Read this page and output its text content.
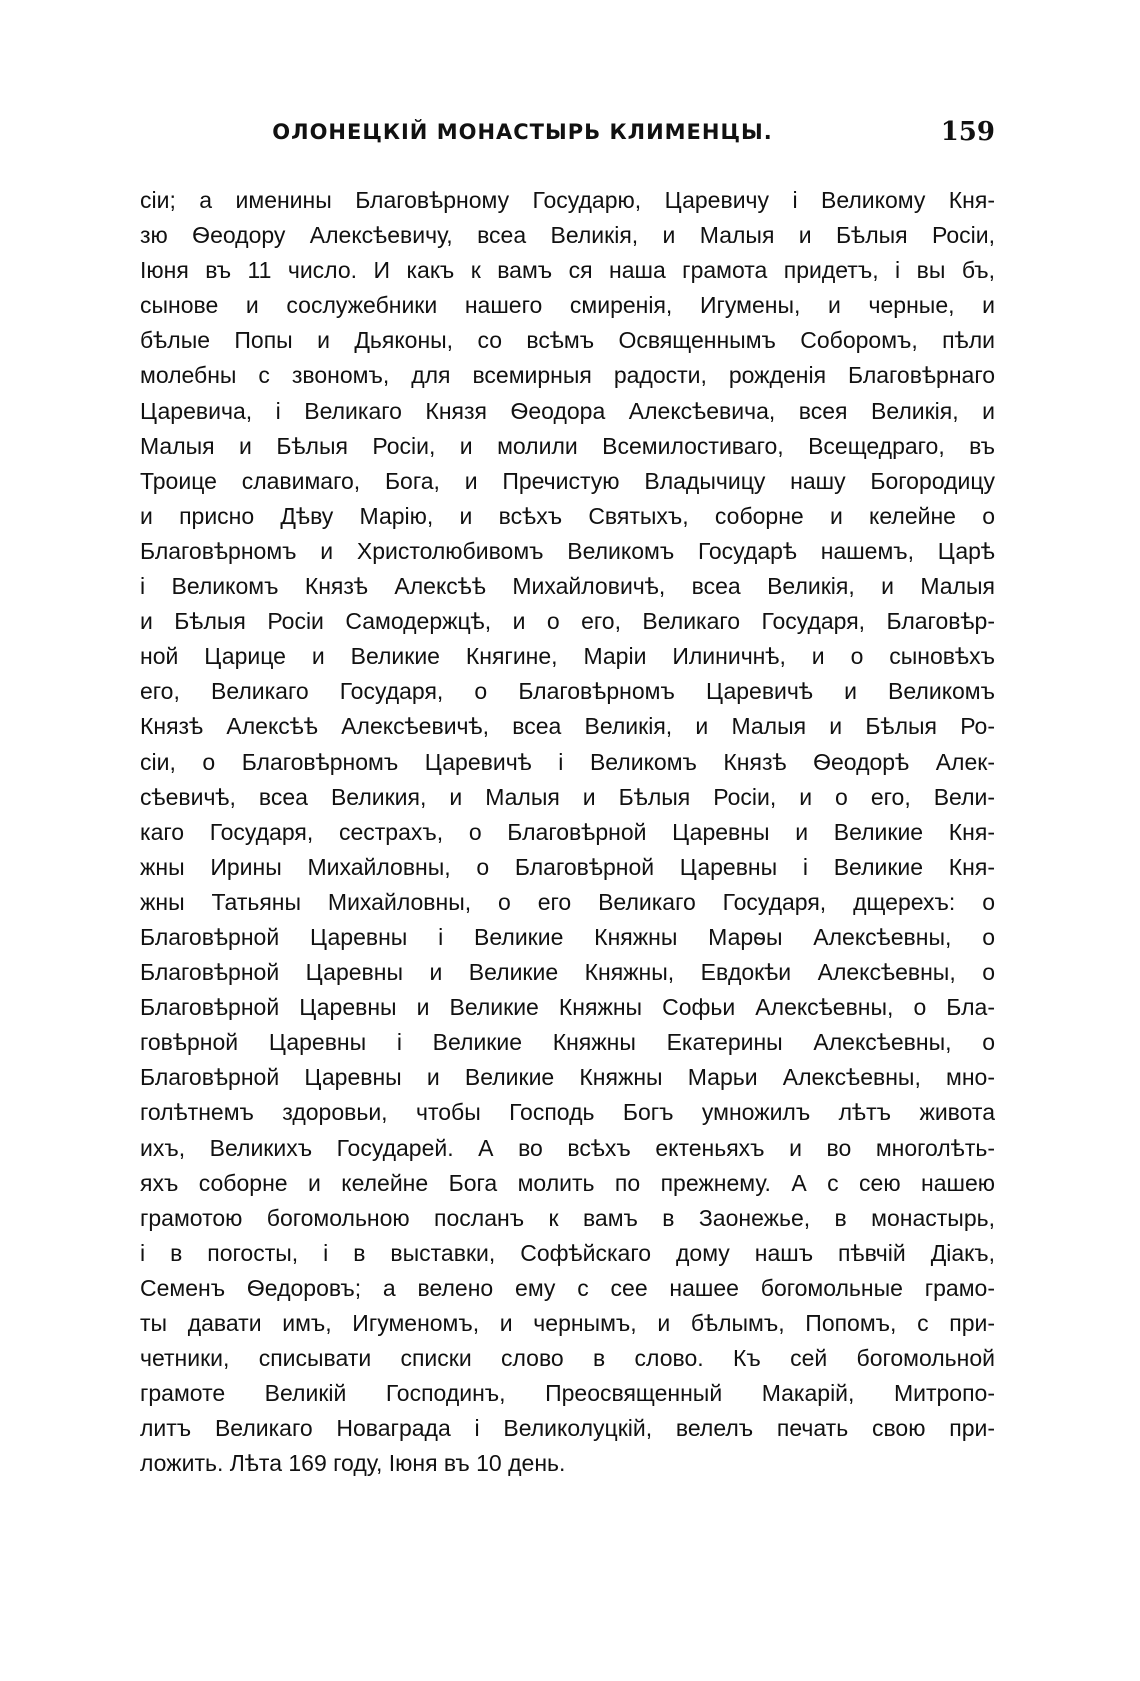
ОЛОНЕЦКІЙ МОНАСТЫРЬ КЛИМЕНЦЫ.	159
сіи; а именины Благовѣрному Государю, Царевичу і Великому Кня-
зю Ѳеодору Алексѣевичу, всеа Великія, и Малыя и Бѣлыя Росіи,
Іюня въ 11 число. И какъ к вамъ ся наша грамота придетъ, і вы бъ,
сынове и сослужебники нашего смиренія, Игумены, и черные, и
бѣлые Попы и Дьяконы, со всѣмъ Освященнымъ Соборомъ, пѣли
молебны с звономъ, для всемирныя радости, рожденія Благовѣрнаго
Царевича, і Великаго Князя Ѳеодора Алексѣевича, всея Великія, и
Малыя и Бѣлыя Росіи, и молили Всемилостиваго, Всещедраго, въ
Троице славимаго, Бога, и Пречистую Владычицу нашу Богородицу
и присно Дѣву Марію, и всѣхъ Святыхъ, соборне и келейне о
Благовѣрномъ и Христолюбивомъ Великомъ Государѣ нашемъ, Царѣ
і Великомъ Князѣ Алексѣѣ Михайловичѣ, всеа Великія, и Малыя
и Бѣлыя Росіи Самодержцѣ, и о его, Великаго Государя, Благовѣр-
ной Царице и Великие Княгине, Маріи Илиничнѣ, и о сыновѣхъ
его, Великаго Государя, о Благовѣрномъ Царевичѣ и Великомъ
Князѣ Алексѣѣ Алексѣевичѣ, всеа Великія, и Малыя и Бѣлыя Ро-
сіи, о Благовѣрномъ Царевичѣ і Великомъ Князѣ Ѳеодорѣ Алек-
сѣевичѣ, всеа Великия, и Малыя и Бѣлыя Росіи, и о его, Вели-
каго Государя, сестрахъ, о Благовѣрной Царевны и Великие Кня-
жны Ирины Михайловны, о Благовѣрной Царевны і Великие Кня-
жны Татьяны Михайловны, о его Великаго Государя, дщерехъ: о
Благовѣрной Царевны і Великие Княжны Марѳы Алексѣевны, о
Благовѣрной Царевны и Великие Княжны, Евдокѣи Алексѣевны, о
Благовѣрной Царевны и Великие Княжны Софьи Алексѣевны, о Бла-
говѣрной Царевны і Великие Княжны Екатерины Алексѣевны, о
Благовѣрной Царевны и Великие Княжны Марьи Алексѣевны, мно-
голѣтнемъ здоровьи, чтобы Господь Богъ умножилъ лѣтъ живота
ихъ, Великихъ Государей. А во всѣхъ ектеньяхъ и во многолѣть-
яхъ соборне и келейне Бога молить по прежнему. А с сею нашею
грамотою богомольною посланъ к вамъ в Заонежье, в монастырь,
і в погосты, і в выставки, Софѣйскаго дому нашъ пѣвчій Діакъ,
Семенъ Ѳедоровъ; а велено ему с сее нашее богомольные грамо-
ты давати имъ, Игуменомъ, и чернымъ, и бѣлымъ, Попомъ, с при-
четники, списывати списки слово в слово. Къ сей богомольной
грамоте Великій Господинъ, Преосвященный Макарій, Митропо-
литъ Великаго Новаграда і Великолуцкій, велелъ печать свою при-
ложить. Лѣта 169 году, Іюня въ 10 день.
